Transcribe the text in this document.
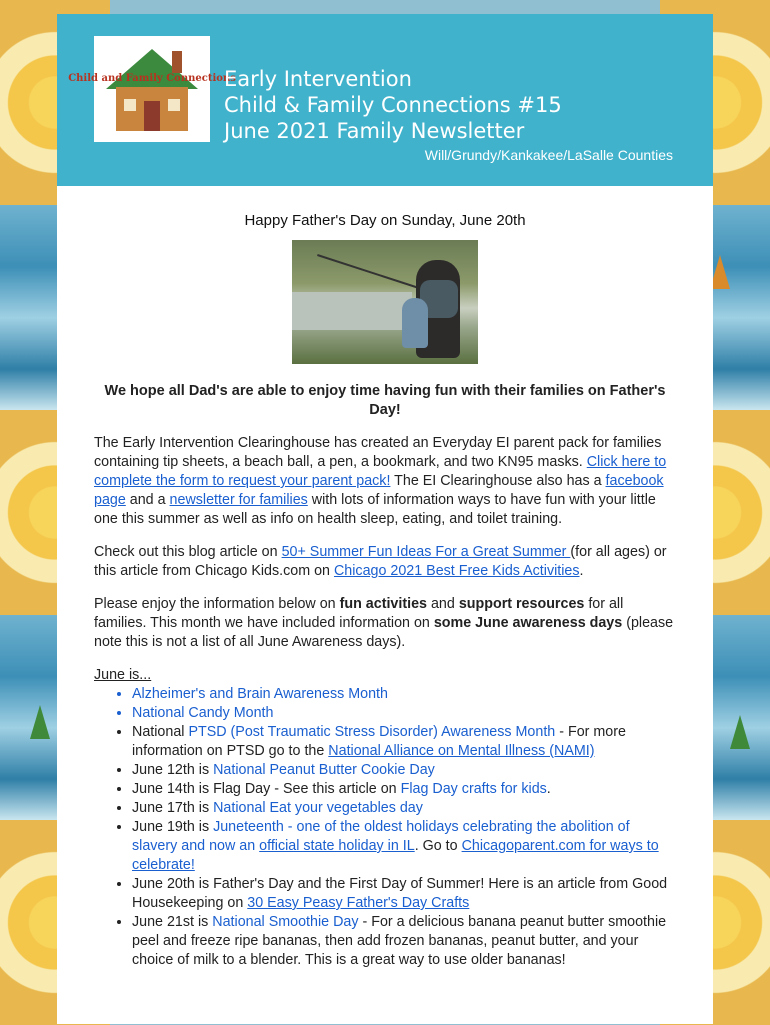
Child and Family Connections
Early Intervention
Child & Family Connections #15
June 2021 Family Newsletter
Will/Grundy/Kankakee/LaSalle Counties
Happy Father's Day on Sunday, June 20th
We hope all Dad's are able to enjoy time having fun with their families on Father's Day!

The Early Intervention Clearinghouse has created an Everyday EI parent pack for families containing tip sheets, a beach ball, a pen, a bookmark, and two KN95 masks. Click here to complete the form to request your parent pack! The EI Clearinghouse also has a facebook page and a newsletter for families with lots of information ways to have fun with your little one this summer as well as info on health sleep, eating, and toilet training.

Check out this blog article on 50+ Summer Fun Ideas For a Great Summer (for all ages) or this article from Chicago Kids.com on Chicago 2021 Best Free Kids Activities.

Please enjoy the information below on fun activities and support resources for all families. This month we have included information on some June awareness days (please note this is not a list of all June Awareness days).

June is...
• Alzheimer's and Brain Awareness Month
• National Candy Month
• National PTSD (Post Traumatic Stress Disorder) Awareness Month - For more information on PTSD go to the National Alliance on Mental Illness (NAMI)
• June 12th is National Peanut Butter Cookie Day
• June 14th is Flag Day - See this article on Flag Day crafts for kids.
• June 17th is National Eat your vegetables day
• June 19th is Juneteenth - one of the oldest holidays celebrating the abolition of slavery and now an official state holiday in IL. Go to Chicagoparent.com for ways to celebrate!
• June 20th is Father's Day and the First Day of Summer! Here is an article from Good Housekeeping on 30 Easy Peasy Father's Day Crafts
• June 21st is National Smoothie Day - For a delicious banana peanut butter smoothie peel and freeze ripe bananas, then add frozen bananas, peanut butter, and your choice of milk to a blender. This is a great way to use older bananas!
